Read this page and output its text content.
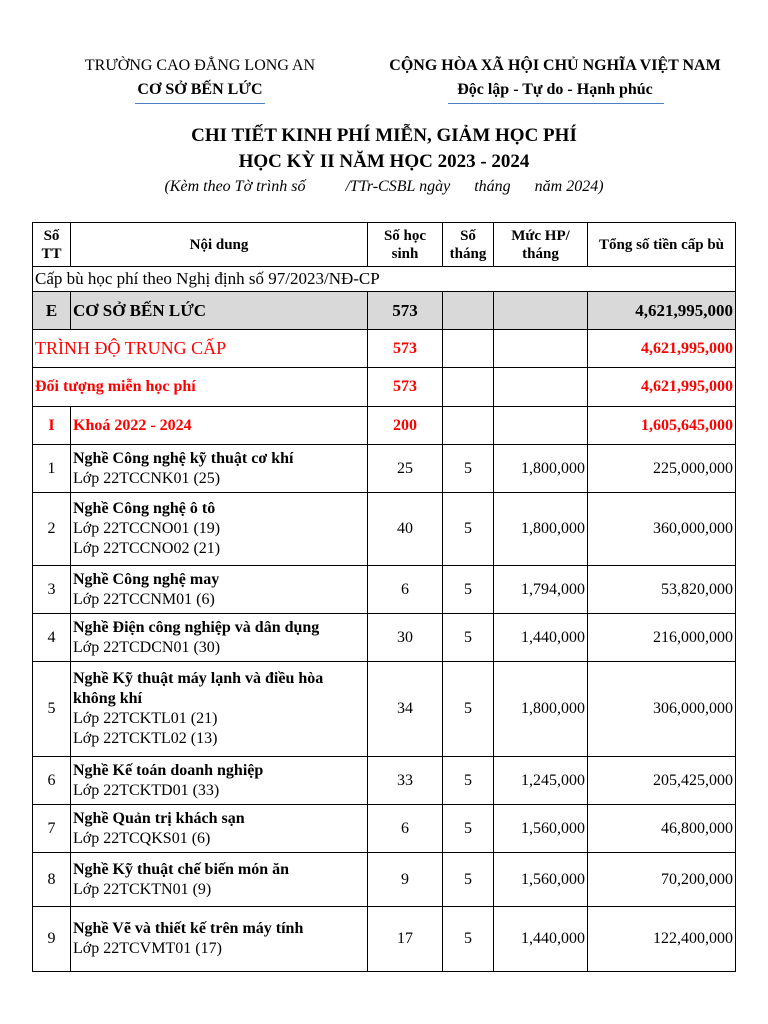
TRƯỜNG CAO ĐẲNG LONG AN
CƠ SỞ BẾN LỨC
CỘNG HÒA XÃ HỘI CHỦ NGHĨA VIỆT NAM
Độc lập - Tự do - Hạnh phúc
CHI TIẾT KINH PHÍ MIỄN, GIẢM HỌC PHÍ
HỌC KỲ II NĂM HỌC 2023 - 2024
(Kèm theo Tờ trình số          /TTr-CSBL ngày      tháng      năm 2024)
Số TT	Nội dung	Số học sinh	Số tháng	Mức HP/ tháng	Tổng số tiền cấp bù
Cấp bù học phí theo Nghị định số 97/2023/NĐ-CP					
E	CƠ SỞ BẾN LỨC	573			4,621,995,000
TRÌNH ĐỘ TRUNG CẤP		573			4,621,995,000
Đối tượng miễn học phí		573			4,621,995,000
I	Khoá 2022 - 2024	200			1,605,645,000
1	Nghề Công nghệ kỹ thuật cơ khí
Lớp 22TCCNK01 (25)	25	5	1,800,000	225,000,000
2	Nghề Công nghệ ô tô
Lớp 22TCCNO01 (19)
Lớp 22TCCNO02 (21)	40	5	1,800,000	360,000,000
3	Nghề Công nghệ may
Lớp 22TCCNM01 (6)	6	5	1,794,000	53,820,000
4	Nghề Điện công nghiệp và dân dụng
Lớp 22TCDCN01 (30)	30	5	1,440,000	216,000,000
5	Nghề Kỹ thuật máy lạnh và điều hòa không khí
Lớp 22TCKTL01 (21)
Lớp 22TCKTL02 (13)	34	5	1,800,000	306,000,000
6	Nghề Kế toán doanh nghiệp
Lớp 22TCKTD01 (33)	33	5	1,245,000	205,425,000
7	Nghề Quản trị khách sạn
Lớp 22TCQKS01 (6)	6	5	1,560,000	46,800,000
8	Nghề Kỹ thuật chế biến món ăn
Lớp 22TCKTN01 (9)	9	5	1,560,000	70,200,000
9	Nghề Vẽ và thiết kế trên máy tính
Lớp 22TCVMT01 (17)	17	5	1,440,000	122,400,000
